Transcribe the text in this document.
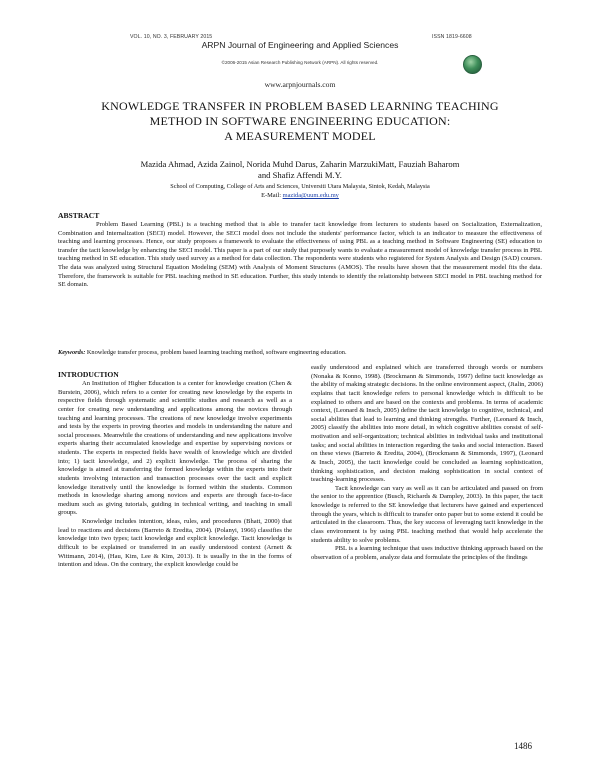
VOL. 10, NO. 3, FEBRUARY 2015	ISSN 1819-6608
ARPN Journal of Engineering and Applied Sciences
©2006-2015 Asian Research Publishing Network (ARPN). All rights reserved.
www.arpnjournals.com
KNOWLEDGE TRANSFER IN PROBLEM BASED LEARNING TEACHING
METHOD IN SOFTWARE ENGINEERING EDUCATION:
A MEASUREMENT MODEL
Mazida Ahmad, Azida Zainol, Norida Muhd Darus, Zaharin MarzukiMatt, Fauziah Baharom
and Shafiz Affendi M.Y.
School of Computing, College of Arts and Sciences, Universiti Utara Malaysia, Sintok, Kedah, Malaysia
E-Mail: mazida@uum.edu.my
ABSTRACT
Problem Based Learning (PBL) is a teaching method that is able to transfer tacit knowledge from lecturers to students based on Socialization, Externalization, Combination and Internalization (SECI) model. However, the SECI model does not include the students' performance factor, which is an indicator to measure the effectiveness of teaching and learning processes. Hence, our study proposes a framework to evaluate the effectiveness of using PBL as a teaching method in Software Engineering (SE) education to transfer the tacit knowledge by enhancing the SECI model. This paper is a part of our study that purposely wants to evaluate a measurement model of knowledge transfer process in PBL teaching method in SE education. This study used survey as a method for data collection. The respondents were students who registered for System Analysis and Design (SAD) courses. The data was analyzed using Structural Equation Modeling (SEM) with Analysis of Moment Structures (AMOS). The results have shown that the measurement model fits the data. Therefore, the framework is suitable for PBL teaching method in SE education. Further, this study intends to identify the relationship between SECI model in PBL teaching method for SE domain.
Keywords: Knowledge transfer process, problem based learning teaching method, software engineering education.
INTRODUCTION

An Institution of Higher Education is a center for knowledge creation (Chen & Burstein, 2006), which refers to a center for creating new knowledge by the experts in respective fields through systematic and scientific studies and research as well as a center for creating new understanding and applications among the novices through teaching and learning processes. The creations of new knowledge involve experiments and tests by the experts in proving theories and models in understanding the nature and social processes. Meanwhile the creations of understanding and new applications involve experts sharing their accumulated knowledge and expertise by supervising novices or students. The experts in respected fields have wealth of knowledge which are divided into; 1) tacit knowledge, and 2) explicit knowledge. The process of sharing the knowledge is aimed at transferring the formed knowledge within the experts into their students involving interaction and transaction processes over the tacit and explicit knowledge iteratively until the knowledge is formed within the students. Common methods in knowledge sharing among novices and experts are through face-to-face medium such as giving tutorials, guiding in technical writing, and teaching in small groups.

Knowledge includes intention, ideas, rules, and procedures (Bhatt, 2000) that lead to reactions and decisions (Barreto & Eredita, 2004). (Polanyi, 1966) classifies the knowledge into two types; tacit knowledge and explicit knowledge. Tacit knowledge is difficult to be explained or transferred in an easily understood context (Arnett & Wittmann, 2014), (Hau, Kim, Lee & Kim, 2013). It is usually in the in the forms of intention and ideas. On the contrary, the explicit knowledge could be

easily understood and explained which are transferred through words or numbers (Nonaka & Konno, 1998). (Brockmann & Simmonds, 1997) define tacit knowledge as the ability of making strategic decisions. In the online environment aspect, (Jialin, 2006) explains that tacit knowledge refers to personal knowledge which is difficult to be explained to others and are based on the contexts and problems. In terms of academic context, (Leonard & Insch, 2005) define the tacit knowledge to cognitive, technical, and social abilities that lead to learning and thinking strengths. Further, (Leonard & Insch, 2005) classify the abilities into more detail, in which cognitive abilities consist of self-motivation and self-organization; technical abilities in individual tasks and institutional tasks; and social abilities in interaction regarding the tasks and social interaction. Based on these views (Barreto & Eredita, 2004), (Brockmann & Simmonds, 1997), (Leonard & Insch, 2005), the tacit knowledge could be concluded as learning sophistication, thinking sophistication, and decision making sophistication in social context of teaching-learning processes.

Tacit knowledge can vary as well as it can be articulated and passed on from the senior to the apprentice (Busch, Richards & Dampley, 2003). In this paper, the tacit knowledge is referred to the SE knowledge that lecturers have gained and experienced through the years, which is difficult to transfer onto paper but to some extend it could be articulated in the classroom. Thus, the key success of leveraging tacit knowledge in the class environment is by using PBL teaching method that would help accelerate the students ability to solve problems.

PBL is a learning technique that uses inductive thinking approach based on the observation of a problem, analyze data and formulate the principles of the findings

1486
